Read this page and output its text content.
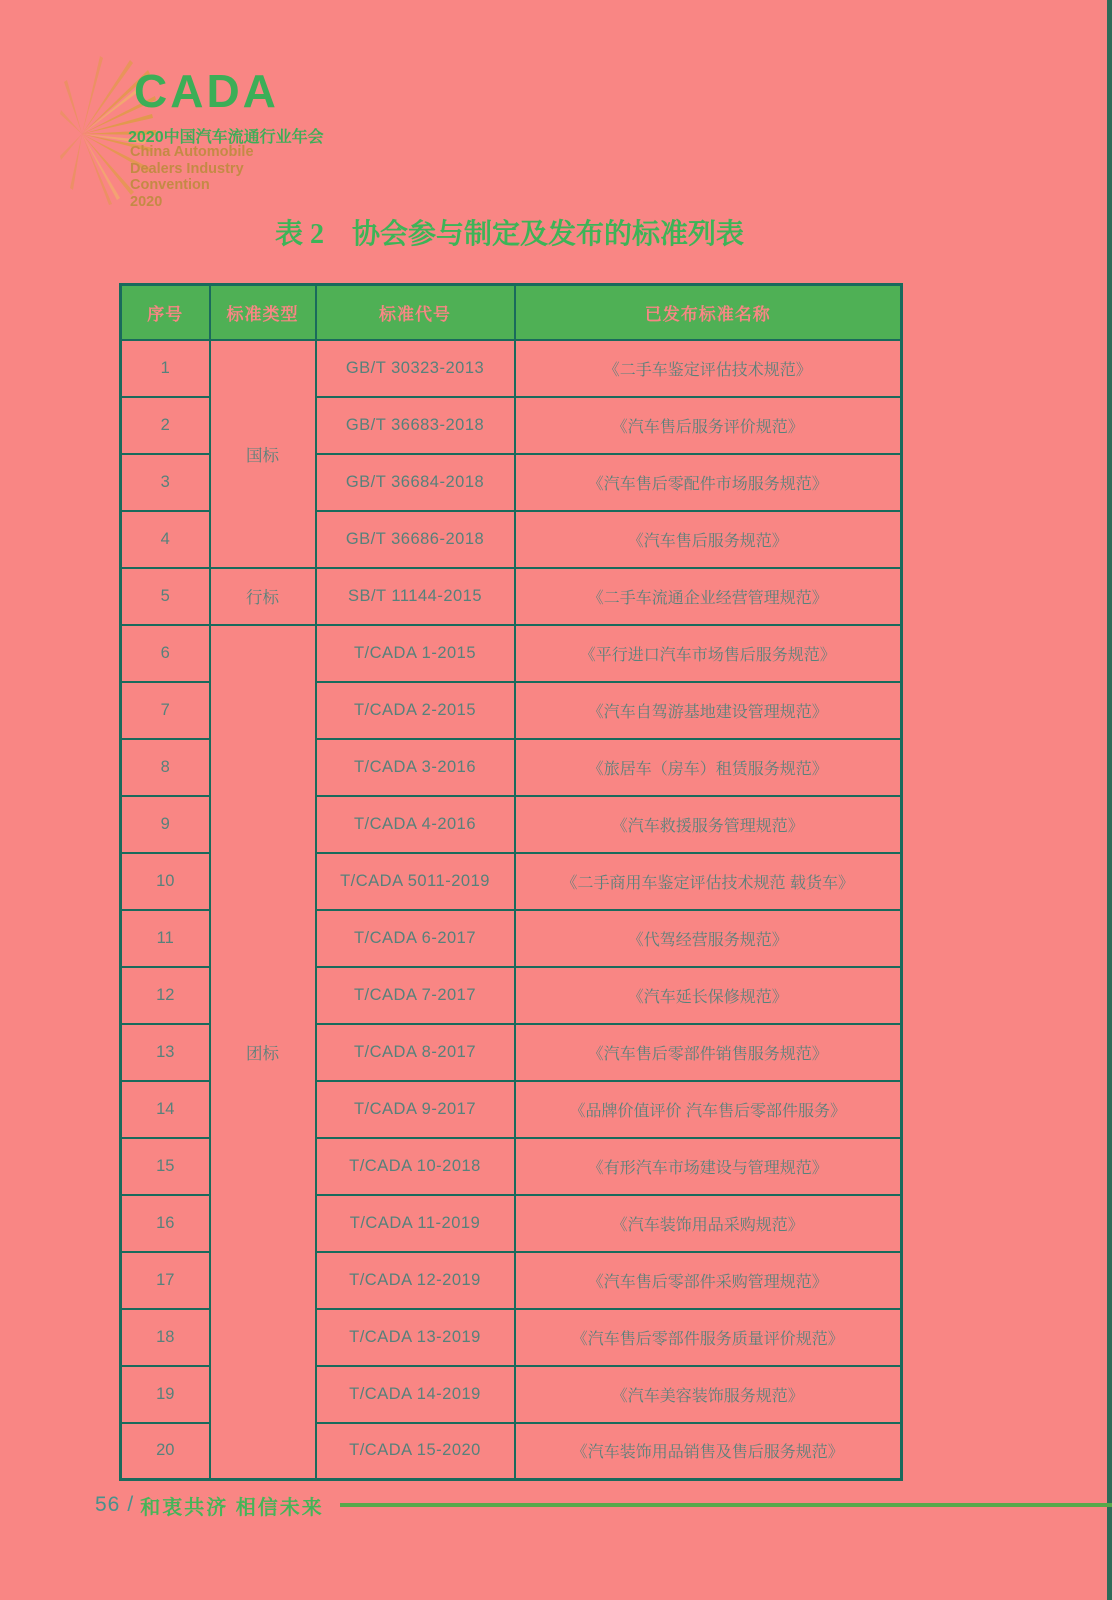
CADA
2020中国汽车流通行业年会
China Automobile
Dealers Industry
Convention
2020
表 2　协会参与制定及发布的标准列表
序号	标准类型	标准代号	已发布标准名称
1	国标	GB/T 30323-2013	《二手车鉴定评估技术规范》
2		GB/T 36683-2018	《汽车售后服务评价规范》
3		GB/T 36684-2018	《汽车售后零配件市场服务规范》
4		GB/T 36686-2018	《汽车售后服务规范》
5	行标	SB/T 11144-2015	《二手车流通企业经营管理规范》
6	团标	T/CADA 1-2015	《平行进口汽车市场售后服务规范》
7		T/CADA 2-2015	《汽车自驾游基地建设管理规范》
8		T/CADA 3-2016	《旅居车（房车）租赁服务规范》
9		T/CADA 4-2016	《汽车救援服务管理规范》
10		T/CADA 5011-2019	《二手商用车鉴定评估技术规范 载货车》
11		T/CADA 6-2017	《代驾经营服务规范》
12		T/CADA 7-2017	《汽车延长保修规范》
13		T/CADA 8-2017	《汽车售后零部件销售服务规范》
14		T/CADA 9-2017	《品牌价值评价 汽车售后零部件服务》
15		T/CADA 10-2018	《有形汽车市场建设与管理规范》
16		T/CADA 11-2019	《汽车装饰用品采购规范》
17		T/CADA 12-2019	《汽车售后零部件采购管理规范》
18		T/CADA 13-2019	《汽车售后零部件服务质量评价规范》
19		T/CADA 14-2019	《汽车美容装饰服务规范》
20		T/CADA 15-2020	《汽车装饰用品销售及售后服务规范》
56 / 和衷共济 相信未来
